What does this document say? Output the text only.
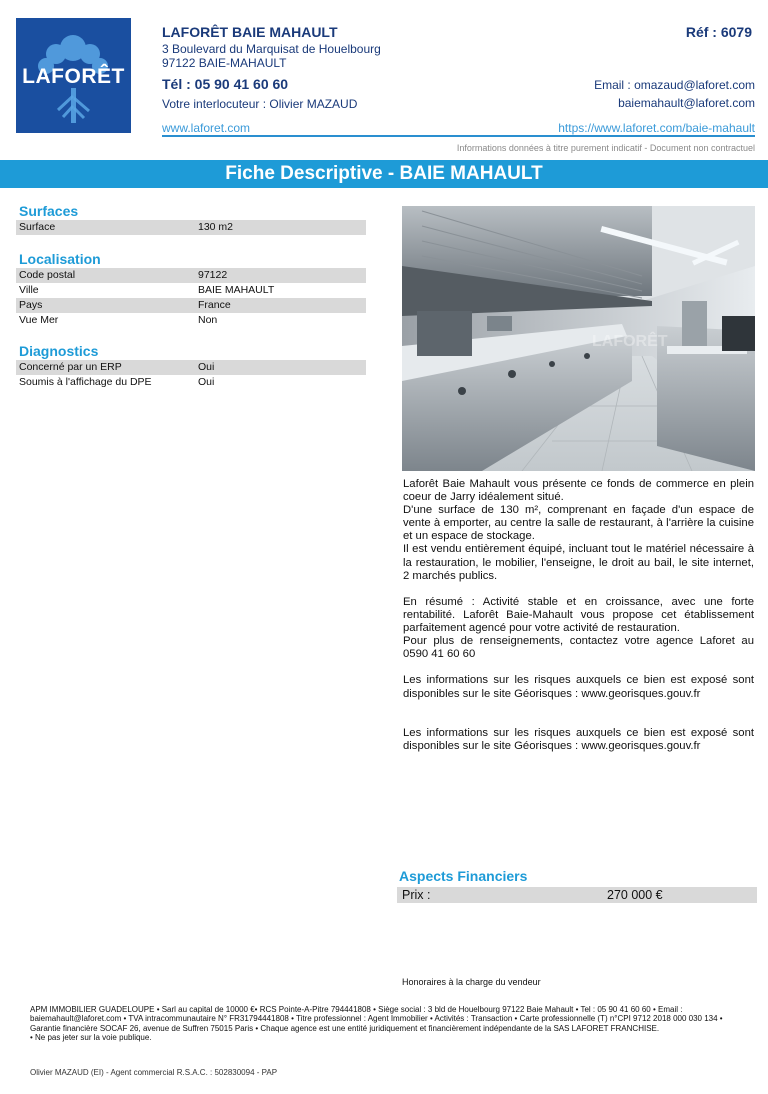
LAFORÊT
LAFORÊT BAIE MAHAULT	Réf : 6079
3 Boulevard du Marquisat de Houelbourg
97122 BAIE-MAHAULT
Tél : 05 90 41 60 60
Votre interlocuteur : Olivier MAZAUD
Email : omazaud@laforet.com
baiemahault@laforet.com
www.laforet.com	https://www.laforet.com/baie-mahault
Informations données à titre purement indicatif - Document non contractuel
Fiche Descriptive - BAIE MAHAULT
Surfaces
Surface	130 m2
Localisation
Code postal	97122
Ville	BAIE MAHAULT
Pays	France
Vue Mer	Non
Diagnostics
Concerné par un ERP	Oui
Soumis à l'affichage du DPE	Oui
LAFORÊT

Laforêt Baie Mahault vous présente ce fonds de commerce en plein coeur de Jarry idéalement situé.

D'une surface de 130 m², comprenant en façade d'un espace de vente à emporter, au centre la salle de restaurant, à l'arrière la cuisine et un espace de stockage.

Il est vendu entièrement équipé, incluant tout le matériel nécessaire à la restauration, le mobilier, l'enseigne, le droit au bail, le site internet, 2 marchés publics.

En résumé : Activité stable et en croissance, avec une forte rentabilité. Laforêt Baie-Mahault vous propose cet établissement parfaitement agencé pour votre activité de restauration.

Pour plus de renseignements, contactez votre agence Laforet au 0590 41 60 60

Les informations sur les risques auxquels ce bien est exposé sont disponibles sur le site Géorisques : www.georisques.gouv.fr

Les informations sur les risques auxquels ce bien est exposé sont disponibles sur le site Géorisques : www.georisques.gouv.fr

Aspects Financiers
Prix :	270 000 €
Honoraires à la charge du vendeur
APM IMMOBILIER GUADELOUPE • Sarl au capital de 10000 €• RCS Pointe-A-Pitre 794441808 • Siège social : 3 bld de Houelbourg 97122 Baie Mahault • Tel : 05 90 41 60 60 • Email : baiemahault@laforet.com • TVA intracommunautaire N° FR31794441808 • Titre professionnel : Agent Immobilier • Activités : Transaction • Carte professionnelle (T) n°CPI 9712 2018 000 030 134 • Garantie financière SOCAF 26, avenue de Suffren 75015 Paris • Chaque agence est une entité juridiquement et financièrement indépendante de la SAS LAFORET FRANCHISE.
• Ne pas jeter sur la voie publique.
Olivier MAZAUD (EI) - Agent commercial R.S.A.C. : 502830094 - PAP
